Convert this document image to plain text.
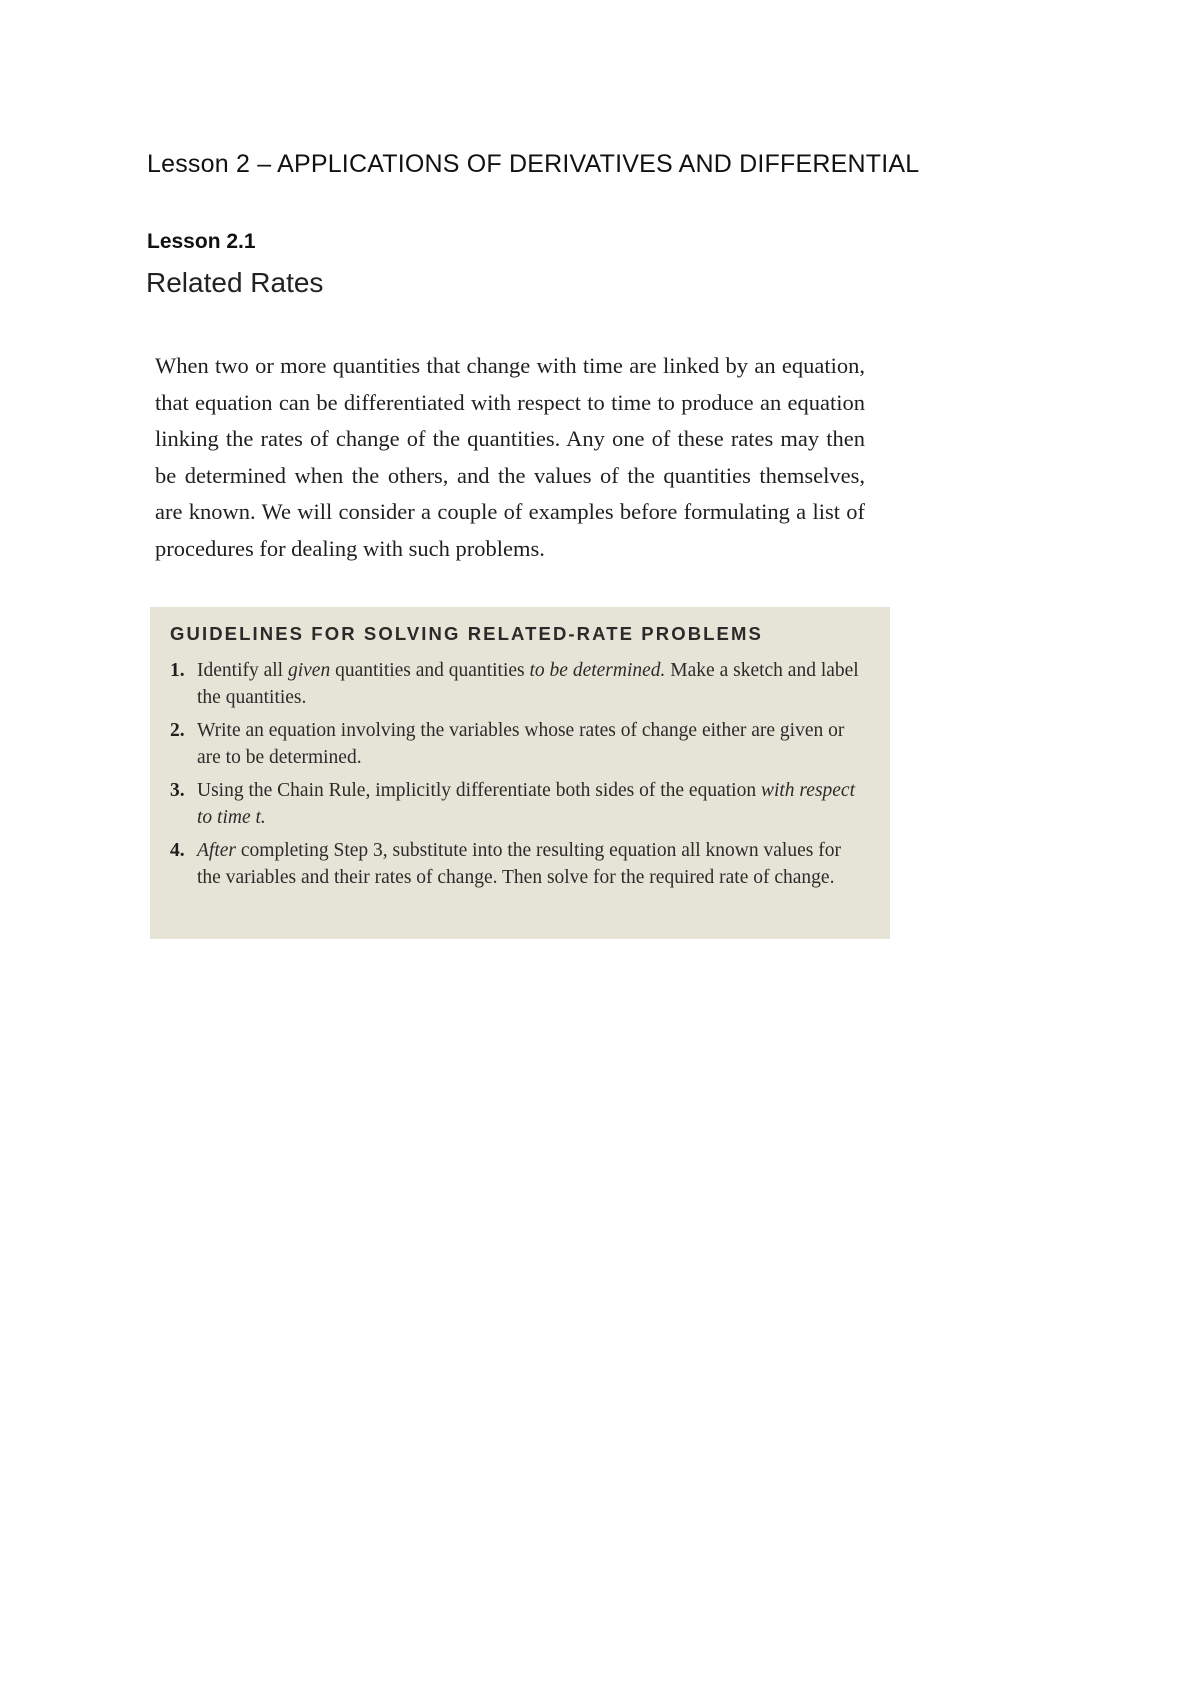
Lesson 2 – APPLICATIONS OF DERIVATIVES AND DIFFERENTIAL
Lesson 2.1
Related Rates

When two or more quantities that change with time are linked by an equation, that equation can be differentiated with respect to time to produce an equation linking the rates of change of the quantities. Any one of these rates may then be determined when the others, and the values of the quantities themselves, are known. We will consider a couple of examples before formulating a list of procedures for dealing with such problems.

GUIDELINES FOR SOLVING RELATED-RATE PROBLEMS
1. Identify all given quantities and quantities to be determined. Make a sketch and label the quantities.
2. Write an equation involving the variables whose rates of change either are given or are to be determined.
3. Using the Chain Rule, implicitly differentiate both sides of the equation with respect to time t.
4. After completing Step 3, substitute into the resulting equation all known values for the variables and their rates of change. Then solve for the required rate of change.
